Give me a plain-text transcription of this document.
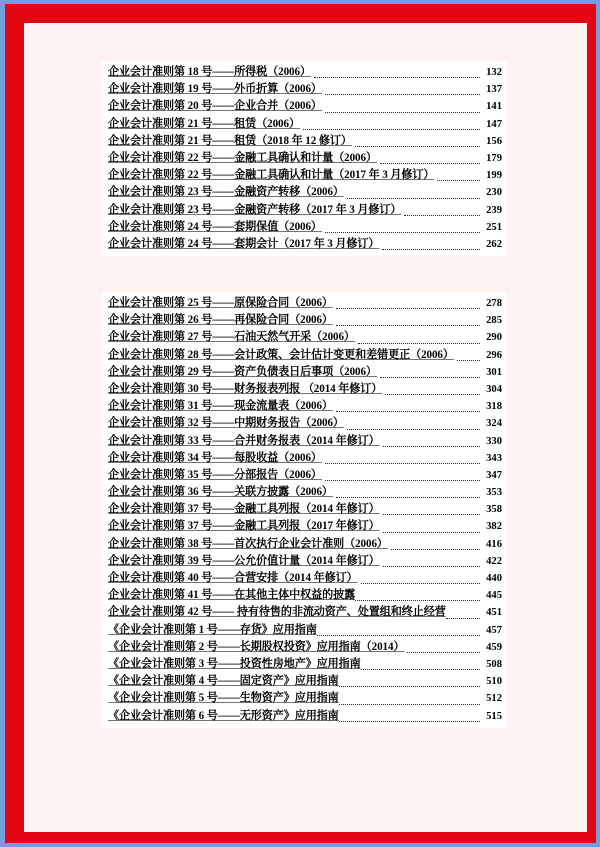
企业会计准则第 18 号——所得税（2006）	132
企业会计准则第 19 号——外币折算（2006）	137
企业会计准则第 20 号——企业合并（2006）	141
企业会计准则第 21 号——租赁（2006）	147
企业会计准则第 21 号——租赁（2018 年 12 修订）	156
企业会计准则第 22 号——金融工具确认和计量（2006）	179
企业会计准则第 22 号——金融工具确认和计量（2017 年 3 月修订）	199
企业会计准则第 23 号——金融资产转移（2006）	230
企业会计准则第 23 号——金融资产转移（2017 年 3 月修订）	239
企业会计准则第 24 号——套期保值（2006）	251
企业会计准则第 24 号——套期会计（2017 年 3 月修订）	262
企业会计准则第 25 号——原保险合同（2006）	278
企业会计准则第 26 号——再保险合同（2006）	285
企业会计准则第 27 号——石油天然气开采（2006）	290
企业会计准则第 28 号——会计政策、会计估计变更和差错更正（2006）	296
企业会计准则第 29 号——资产负债表日后事项（2006）	301
企业会计准则第 30 号——财务报表列报 （2014 年修订）	304
企业会计准则第 31 号——现金流量表（2006）	318
企业会计准则第 32 号——中期财务报告（2006）	324
企业会计准则第 33 号——合并财务报表（2014 年修订）	330
企业会计准则第 34 号——每股收益（2006）	343
企业会计准则第 35 号——分部报告（2006）	347
企业会计准则第 36 号——关联方披露（2006）	353
企业会计准则第 37 号——金融工具列报（2014 年修订）	358
企业会计准则第 37 号——金融工具列报（2017 年修订）	382
企业会计准则第 38 号——首次执行企业会计准则（2006）	416
企业会计准则第 39 号——公允价值计量（2014 年修订）	422
企业会计准则第 40 号——合营安排（2014 年修订）	440
企业会计准则第 41 号——在其他主体中权益的披露	445
企业会计准则第 42 号—— 持有待售的非流动资产、处置组和终止经营	451
《企业会计准则第 1 号——存货》应用指南	457
《企业会计准则第 2 号——长期股权投资》应用指南（2014）	459
《企业会计准则第 3 号——投资性房地产》应用指南	508
《企业会计准则第 4 号——固定资产》应用指南	510
《企业会计准则第 5 号——生物资产》应用指南	512
《企业会计准则第 6 号——无形资产》应用指南	515
